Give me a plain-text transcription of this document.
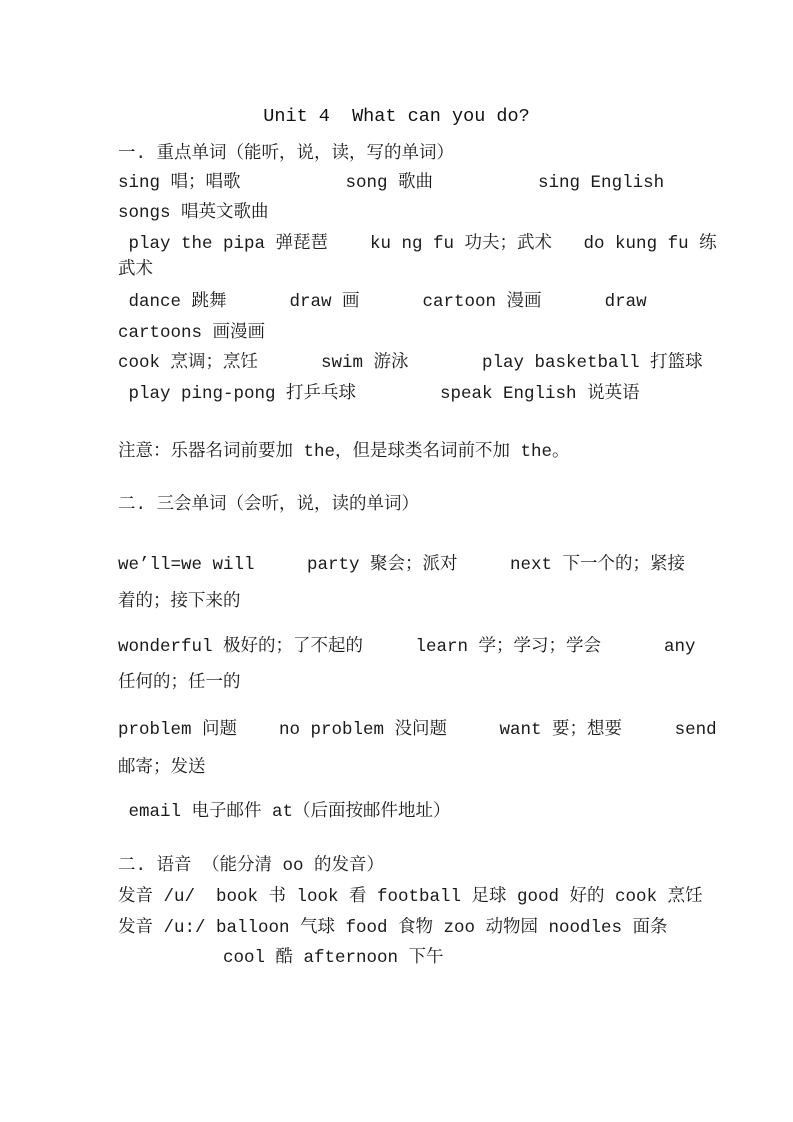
Unit 4  What can you do?
一. 重点单词（能听，说，读，写的单词）
sing 唱；唱歌          song 歌曲          sing English
songs 唱英文歌曲
play the pipa 弹琵琶    ku ng fu 功夫；武术   do kung fu 练
武术
dance 跳舞      draw 画      cartoon 漫画      draw
cartoons 画漫画
cook 烹调；烹饪      swim 游泳       play basketball 打篮球
play ping-pong 打乒乓球        speak English 说英语
注意：乐器名词前要加 the，但是球类名词前不加 the。
二. 三会单词（会听，说，读的单词）
we’ll=we will     party 聚会；派对     next 下一个的；紧接
着的；接下来的
wonderful 极好的；了不起的     learn 学；学习；学会      any
任何的；任一的
problem 问题    no problem 没问题     want 要；想要     send
邮寄；发送
email 电子邮件 at（后面按邮件地址）
二. 语音 （能分清 oo 的发音）
发音 /u/  book 书 look 看 football 足球 good 好的 cook 烹饪
发音 /u:/ balloon 气球 food 食物 zoo 动物园 noodles 面条
cool 酷 afternoon 下午
